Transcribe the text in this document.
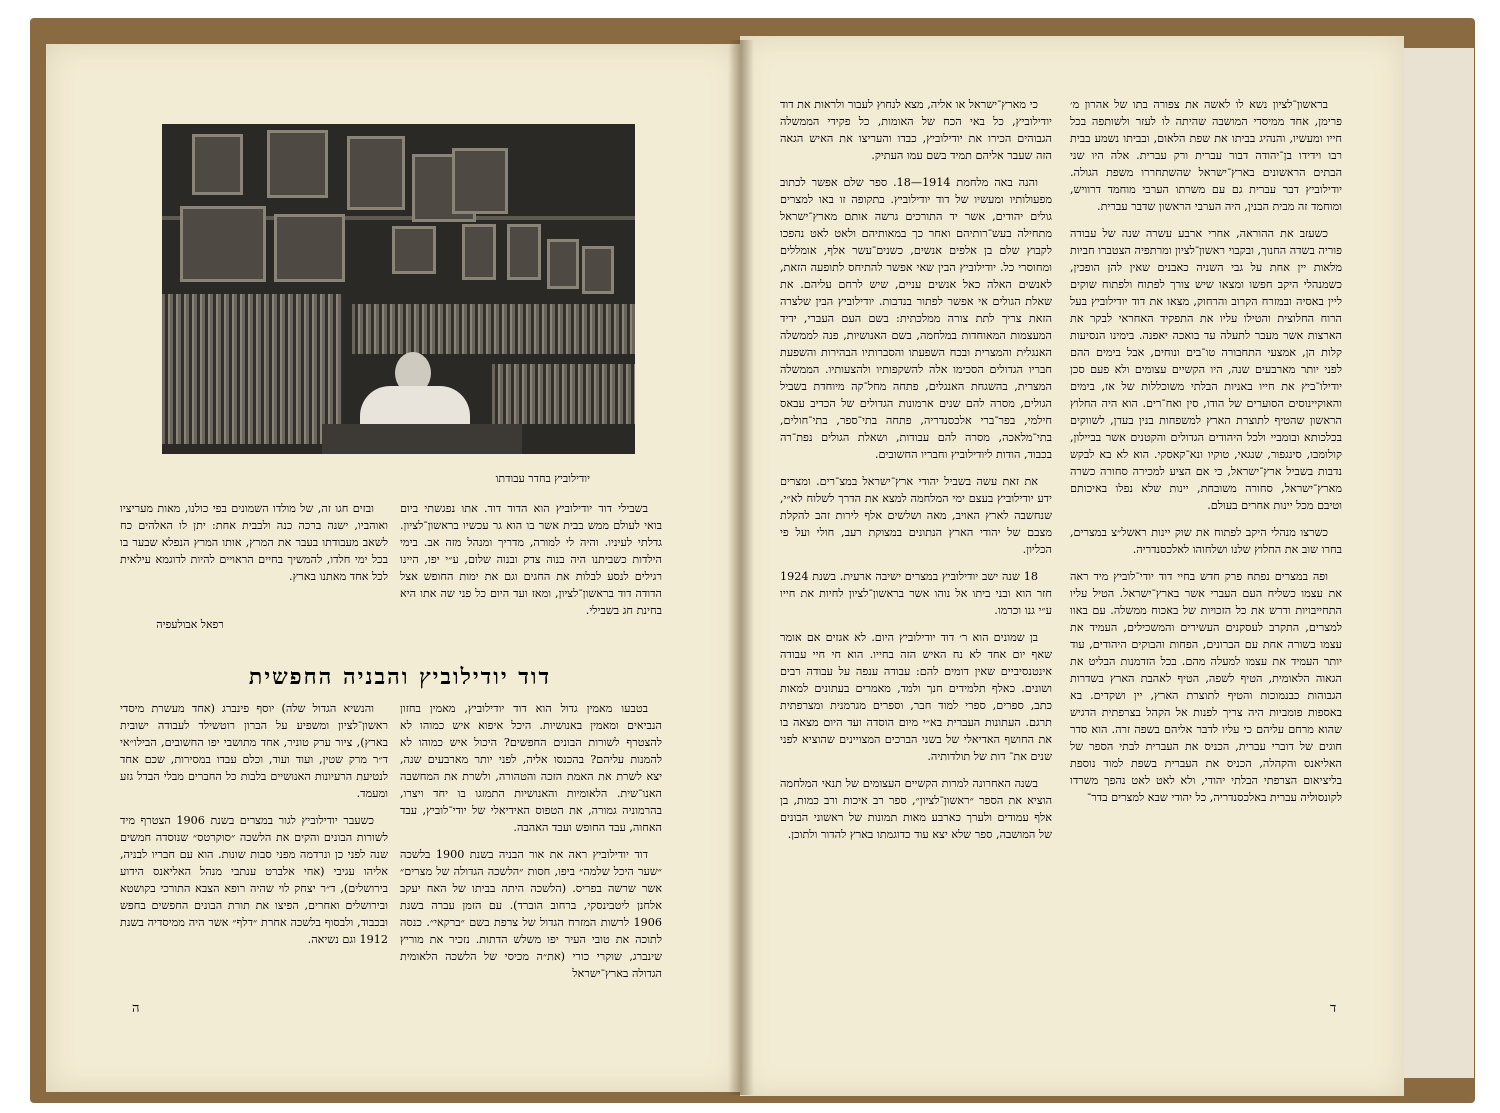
יודילוביץ בחדר עבודתו

ובזים חגו זה, של מולדו השמונים בפי כולנו, מאות מעריציו ואוהביו, ישנה ברכה כנה ולבבית אחת: יתן לו האלהים כח לשאב מעבודתו בעבר את המרץ, אותו המרץ הנפלא שבער בו בכל ימי חלדו, להמשיך בחיים הראויים להיות לדוגמא עילאית לכל אחד מאתנו בארץ.

בשבילי דוד יודילוביץ הוא הדוד דוד. אתו נפגשתי ביום בואי לעולם ממש בבית אשר בו הוא גר עכשיו בראשון־לציון. גדלתי לעיניו. והיה לי למורה, מדריך ומנהל מזה אב. בימי הילדות כשביתנו היה בנוה צדק ובנוה שלום, ע״י יפו, היינו רגילים לנסע לבלות את החגים וגם את ימות החופש אצל הדודה דוד בראשון־לציון, ומאז ועד היום כל פני שה אתו היא בחינת חג בשבילי.

רפאל אבולעפיה
דוד יודילוביץ והבניה החפשית

והנשיא הגדול שלה) יוסף פינברג (אחד מעשרת מיסדי ראשון־לציון ומשפיע על הברון רוטשילד לעבודה ישובית בארץ), ציור ערק טוניר, אחד מתושבי יפו החשובים, הבילו״אי ד״ר מרק שטין, ועוד ועוד, וכלם עבדו במסירות, שכם אחד לנטיעת הרעיונות האנושיים בלבות כל החברים מבלי הבדל גזע ומעמד.

כשעבר יודילוביץ לגור במצרים בשנת 1906 הצטרף מיד לשורות הבונים והקים את הלשכה ״סוקרטס״ שנוסדה חמשים שנה לפני כן ונרדמה מפני סבות שונות. הוא עם חבריו לבניה, אליהו עגיבי (אחי אלברט ענתבי מנהל האליאנס הידוע בירושלים), ד״ר יצחק לוי שהיה רופא הצבא התורכי בקושטא ובירושלים ואחרים, הפיצו את תורת הבונים החפשים בחפש ובכבוד, ולבסוף בלשכה אחרת ״דלף״ אשר היה ממיסדיה בשנת 1912 וגם נשיאה.

בטבעו מאמין גדול הוא דוד יודילוביץ, מאמין בחזון הנביאים ומאמין באנושיות. היכל איפוא איש כמוהו לא להצטרף לשורות הבונים החפשים? היכול איש כמוהו לא להמנות עליהם? בהכנסו אליה, לפני יותר מארבעים שנה, יצא לשרת את האמת הזכה והטהורה, ולשרת את המחשבה האנו־שית. הלאומיות והאנושיות התמזגו בו יחד ויצרו, בהרמוניה גמורה, את הטפוס האידיאלי של יודי־לוביץ, עבד האחוה, עבד החופש ועבד האהבה.

דוד יודילוביץ ראה את אור הבניה בשנת 1900 בלשכה ״שער היכל שלמה״ ביפו, חסות ״הלשכה הגדולה של מצרים״ אשר שרשה בפריס. (הלשכה היתה בביתו של האח יעקב אלחנן ליטבינסקי, ברחוב הוברד). עם הזמן עברה בשנת 1906 לרשות המזרח הגדול של צרפת בשם ״ברקאי״. כנסה לתוכה את טובי העיר יפו משלש הדתות. נזכיר את מוריץ שינברג, שוקרי כורי (את״ה מכיסי של הלשכה הלאומית הגדולה בארץ־ישראל

ה

כי מארץ־ישראל או אליה, מצא לנחוץ לעבור ולראות את דוד יודילוביץ, כל באי הכח של האומות, כל פקידי הממשלה הגבוהים הכירו את יודילוביץ, כבדו והעריצו את האיש הגאה הזה שעבר אליהם תמיד בשם עמו העתיק.

והנה באה מלחמת 1914—18. ספר שלם אפשר לכתוב מפעולותיו ומעשיו של דוד יודילוביץ. בתקופה זו באו למצרים גולים יהודים, אשר יד התורכים גרשה אותם מארץ־ישראל מתחילה בעש־רותיהם ואחר כך במאותיהם ולאט לאט נהפכו לקבוץ שלם בן אלפים אנשים, כשנים־עשר אלף, אומללים ומחוסרי כל. יודילוביץ הבין שאי אפשר להתיחס לתופעה הזאת, לאנשים האלה כאל אנשים עניים, שיש לרחם עליהם. את שאלת הגולים אי אפשר לפתור בנדבות. יודילוביץ הבין שלצרה הזאת צריך לתת צורה ממלכתית: בשם העם העברי, ידיד המעצמות המאוחדות במלחמה, בשם האנושיות, פנה לממשלה האנגלית והמצרית ובכח השפעתו והסברותיו הבהירות והשפעת חבריו הגדולים הסכימו אלה להשקפותיו ולהצעותיו. הממשלה המצרית, בהשגחת האנגלים, פתחה מחל־קה מיוחדת בשביל הגולים, מסרה להם שנים ארמונות הגדולים של הכדיב עבאס חילמי, בפר־ברי אלכסנדריה, פתחה בתי־ספר, בתי־חולים, בתי־מלאכה, מסרה להם עבודות, ושאלת הגולים נפת־רה בכבוד, הודות ליודילוביץ וחבריו החשובים.

את זאת עשה בשביל יהודי ארץ־ישראל במצ־רים. ומצרים ידע יודילוביץ בעצם ימי המלחמה למצא את הדרך לשלוח לא״י, שנחשבה לארץ האויב, מאה ושלשים אלף לירות זהב להקלת מצבם של יהודי הארץ הנתונים במצוקת רעב, חולי ועל פי הכליון.

18 שנה ישב יודילוביץ במצרים ישיבה ארעית. בשנת 1924 חזר הוא ובני ביתו אל נוהו אשר בראשון־לציון לחיות את חייו ע״י גנו וכרמו.

בן שמונים הוא ר׳ דוד יודילוביץ היום. לא אגזים אם אומר שאף יום אחד לא נח האיש הזה בחייו. הוא חי חיי עבודה אינטנסיביים שאין דומים להם: עבודה ענפה על עבודה רבים ושונים. כאלף תלמידים חנך ולמד, מאמרים בעתונים למאות כתב, ספרים, ספרי למוד חבר, וספרים מגרמנית ומצרפתית תרגם. העתונות העברית בא״י מיום הוסדה ועד היום מצאה בו את החושף האדיאלי של בשני הברכים המצויינים שהוציא לפני שנים את־ דות של תולדותיה.

בשנה האחרונה למרות הקשיים העצומים של תנאי המלחמה הוציא את הספר ״ראשון־לציון״, ספר רב איכות ורב כמות, בן אלף עמודים ולערך כארבע מאות תמונות של ראשוני הבונים של המושבה, ספר שלא יצא עוד כדוגמתו בארץ להדור ולתוכן.

בראשון־לציון נשא לו לאשה את צפורה בתו של אהרון מ׳ פרימן, אחד ממיסדי המושבה שהיתה לו לעזר ולשותפה בכל חייו ומעשיו, והנהיג בביתו את שפת הלאום, ובביתו נשמע בבית רבו וידידו בן־יהודה דבור עברית ורק עברית. אלה היו שני הבתים הראשונים בארץ־ישראל שהשתחררו משפת הגולה. יודילוביץ דבר עברית גם עם משרתו הערבי מוחמד דרוויש, ומוחמד זה מבית הבנין, היה הערבי הראשון שדבר עברית.

כשעזב את ההוראה, אחרי ארבע עשרה שנה של עבודה פוריה בשדה החנוך, ובקבוי ראשון־לציון ומרתפיה הצטברו חביות מלאות יין אחת על גבי השניה כאבנים שאין להן הופכין, כשמנהלי היקב חפשו ומצאו שיש צורך לפתוח ולפתוח שוקים ליין באסיה ובמזרח הקרוב והרחוק, מצאו את דוד יודילוביץ בעל הרוח החלוצית והטילו עליו את התפקיד האחראי לבקר את הארצות אשר מעבר לתעלה עד בואכה יאפנה. בימינו הנסיעות קלות הן, אמצעי התחבורה טו־בים ונוחים, אבל בימים ההם לפני יותר מארבעים שנה, היו הקשיים עצומים ולא פעם סכן יודילו־ביץ את חייו באניות הבלתי משוכללות של אז, בימים והאוקיינוסים הסוערים של הודו, סין ואח־רים. הוא היה החלוץ הראשון שהטיף לתוצרת הארץ למשפחות בנין בעדן, לשווקים בכלכותא ובומביי ולכל היהודים הגדולים והקטנים אשר בביילון, קולומבו, סינגפור, שנגאי, טוקיו ונא־קאסקי. הוא לא בא לבקש נדבות בשביל ארץ־ישראל, כי אם הציע למכירה סחורה כשרה מארץ־ישראל, סחורה משובחת, יינות שלא נפלו באיכותם וטיבם מכל יינות אחרים בעולם.

כשרצו מנהלי היקב לפתוח את שוק יינות ראשל״צ במצרים, בחרו שוב את החלוץ שלנו ושלחוהו לאלכסנדריה.

ופה במצרים נפתח פרק חדש בחיי דוד יודי־לוביץ מיד ראה את עצמו כשליח העם העברי אשר בארץ־ישראל. הטיל עליו התחייבויות ודרש את כל הזכויות של באכוח ממשלה. עם באוו למצרים, התקרב לעסקנים העשירים והמשכילים, העמיד את עצמו בשורה אחת עם הברונים, הפחות והבוקים היהודים, עוד יותר העמיד את עצמו למעלה מהם. בכל הזדמנות הבליט את הגאוה הלאומית, הטיף לשפה, הטיף לאהבת הארץ בשדרות הגבוהות כבנמוכות והטיף לתוצרת הארץ, יין ושקדים. בא באספות פומביות היה צריך לפנות אל הקהל בצרפתית הדגיש שהוא מרחם עליהם כי עליו לדבר אליהם בשפה זרה. הוא סדר חוגים של דוברי עברית, הכניס את העברית לבתי הספר של האליאנס והקהלה, הכניס את העברית בשפת למוד נוספת בליציאום הצרפתי הבלתי יהודי, ולא לאט לאט נהפך משרדו לקונסוליה עברית באלכסנדריה, כל יהודי שבא למצרים בדר־

ד
